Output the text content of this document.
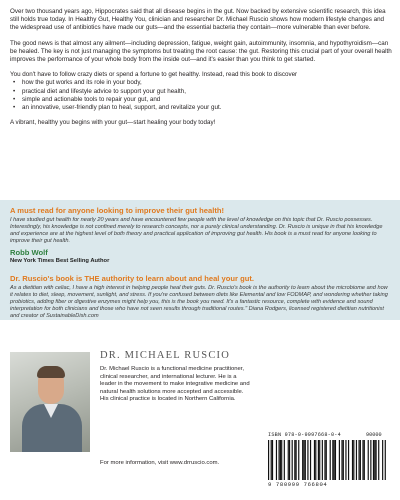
Over two thousand years ago, Hippocrates said that all disease begins in the gut. Now backed by extensive scientific research, this idea still holds true today. In Healthy Gut, Healthy You, clinician and researcher Dr. Michael Ruscio shows how modern lifestyle changes and the widespread use of antibiotics have made our guts—and the essential bacteria they contain—more vulnerable than ever before.

The good news is that almost any ailment—including depression, fatigue, weight gain, autoimmunity, insomnia, and hypothyroidism—can be healed. The key is not just managing the symptoms but treating the root cause: the gut. Restoring this crucial part of your overall health improves the performance of your whole body from the inside out—and it's easier than you think to get started.

You don't have to follow crazy diets or spend a fortune to get healthy. Instead, read this book to discover

• how the gut works and its role in your body,
• practical diet and lifestyle advice to support your gut health,
• simple and actionable tools to repair your gut, and
• an innovative, user-friendly plan to heal, support, and revitalize your gut.

A vibrant, healthy you begins with your gut—start healing your body today!

A must read for anyone looking to improve their gut health!
I have studied gut health for nearly 20 years and have encountered few people with the level of knowledge on this topic that Dr. Ruscio possesses. Interestingly, his knowledge is not confined merely to research concepts, nor a purely clinical understanding. Dr. Ruscio is unique in that his knowledge and experience are at the highest level of both theory and practical application of improving gut health. His book is a must read for anyone looking to improve their gut health.
Robb Wolf
New York Times Best Selling Author
Dr. Ruscio's book is THE authority to learn about and heal your gut.
As a dietitian with celiac, I have a high interest in helping people heal their guts. Dr. Ruscio's book is the authority to learn about the microbiome and how it relates to diet, sleep, movement, sunlight, and stress. If you're confused between diets like Elemental and low FODMAP, and wondering whether taking probiotics, adding fiber or digestive enzymes might help you, this is the book you need. It's a fantastic resource, complete with evidence and sound interpretation for both clinicians and those who have not seen results through traditional routes." Diana Rodgers, licensed registered dietitian nutritionist and creator of SustainableDish.com
DR. MICHAEL RUSCIO
Dr. Michael Ruscio is a functional medicine practitioner, clinical researcher, and international lecturer. He is a leader in the movement to make integrative medicine and natural health solutions more accepted and accessible. His clinical practice is located in Northern California.
For more information, visit www.drruscio.com.
ISBN 978-0-9997668-0-4	90000
9 780999 766804
